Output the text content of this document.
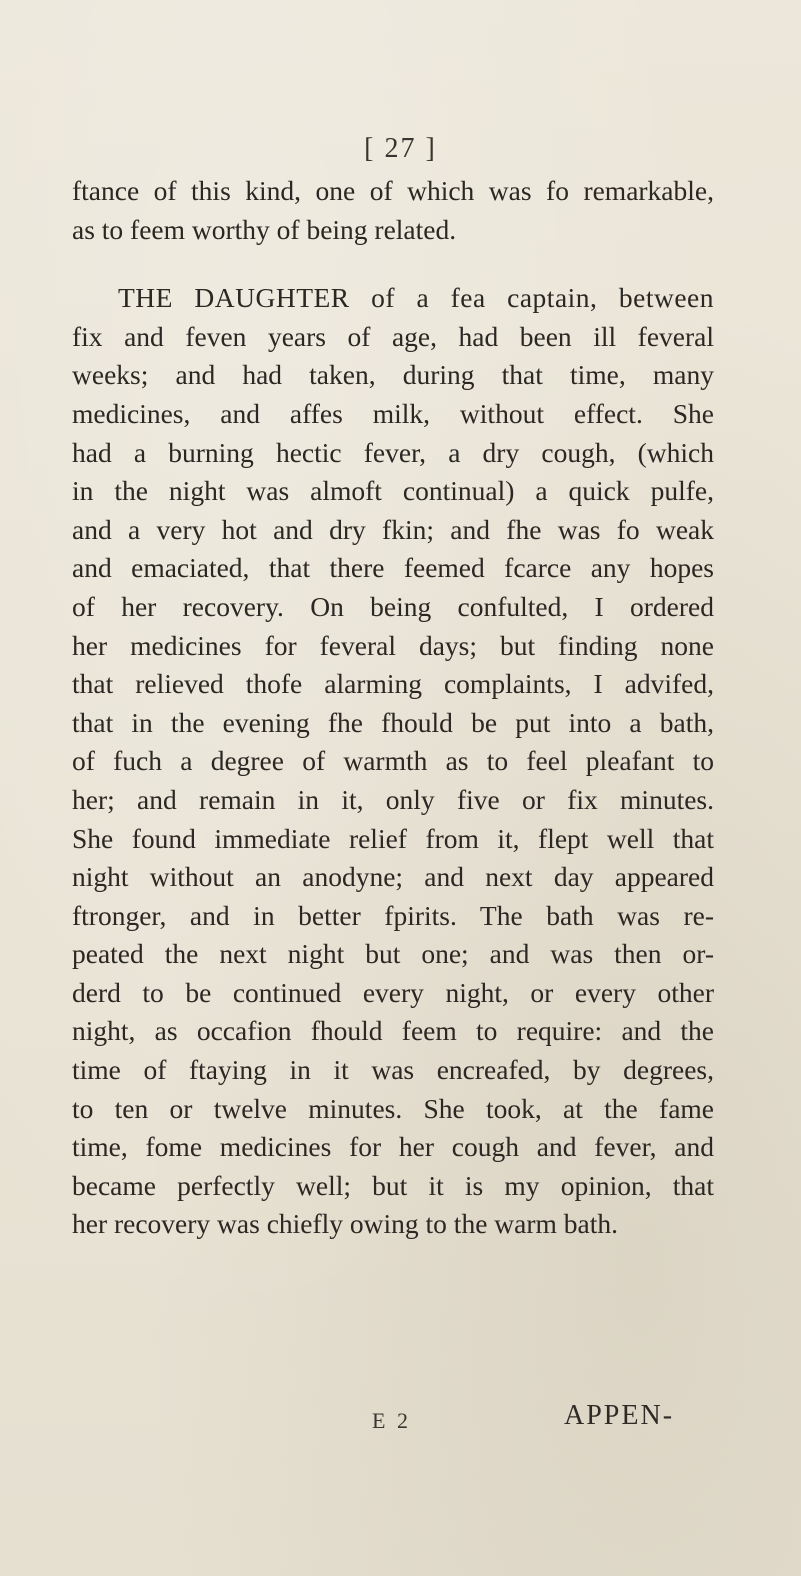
[ 27 ]
ftance of this kind, one of which was fo remarkable,
as to feem worthy of being related.
THE DAUGHTER of a fea captain, between
fix and feven years of age, had been ill feveral
weeks; and had taken, during that time, many
medicines, and affes milk, without effect. She
had a burning hectic fever, a dry cough, (which
in the night was almoft continual) a quick pulfe,
and a very hot and dry fkin; and fhe was fo weak
and emaciated, that there feemed fcarce any hopes
of her recovery. On being confulted, I ordered
her medicines for feveral days; but finding none
that relieved thofe alarming complaints, I advifed,
that in the evening fhe fhould be put into a bath,
of fuch a degree of warmth as to feel pleafant to
her; and remain in it, only five or fix minutes.
She found immediate relief from it, flept well that
night without an anodyne; and next day appeared
ftronger, and in better fpirits. The bath was re-
peated the next night but one; and was then or-
derd to be continued every night, or every other
night, as occafion fhould feem to require: and the
time of ftaying in it was encreafed, by degrees,
to ten or twelve minutes. She took, at the fame
time, fome medicines for her cough and fever, and
became perfectly well; but it is my opinion, that
her recovery was chiefly owing to the warm bath.
E 2	APPEN-
